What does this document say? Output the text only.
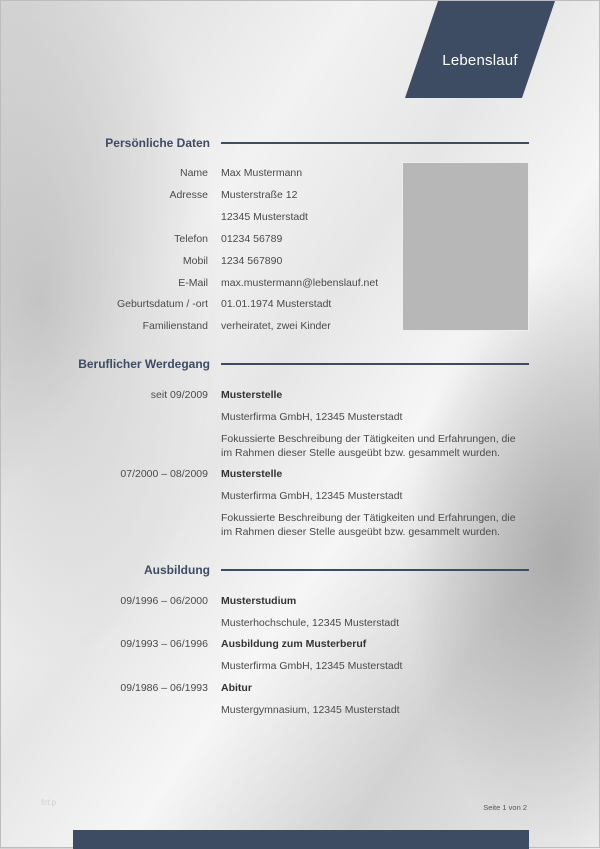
Lebenslauf
Persönliche Daten
Name Max Mustermann
Adresse Musterstraße 12
12345 Musterstadt
Telefon 01234 56789
Mobil 1234 567890
E-Mail max.mustermann@lebenslauf.net
Geburtsdatum / -ort 01.01.1974 Musterstadt
Familienstand verheiratet, zwei Kinder
Beruflicher Werdegang
seit 09/2009 Musterstelle
Musterfirma GmbH, 12345 Musterstadt
Fokussierte Beschreibung der Tätigkeiten und Erfahrungen, die
im Rahmen dieser Stelle ausgeübt bzw. gesammelt wurden.
07/2000 – 08/2009 Musterstelle
Musterfirma GmbH, 12345 Musterstadt
Fokussierte Beschreibung der Tätigkeiten und Erfahrungen, die
im Rahmen dieser Stelle ausgeübt bzw. gesammelt wurden.
Ausbildung
09/1996 – 06/2000 Musterstudium
Musterhochschule, 12345 Musterstadt
09/1993 – 06/1996 Ausbildung zum Musterberuf
Musterfirma GmbH, 12345 Musterstadt
09/1986 – 06/1993 Abitur
Mustergymnasium, 12345 Musterstadt
fct:p
Seite 1 von 2
